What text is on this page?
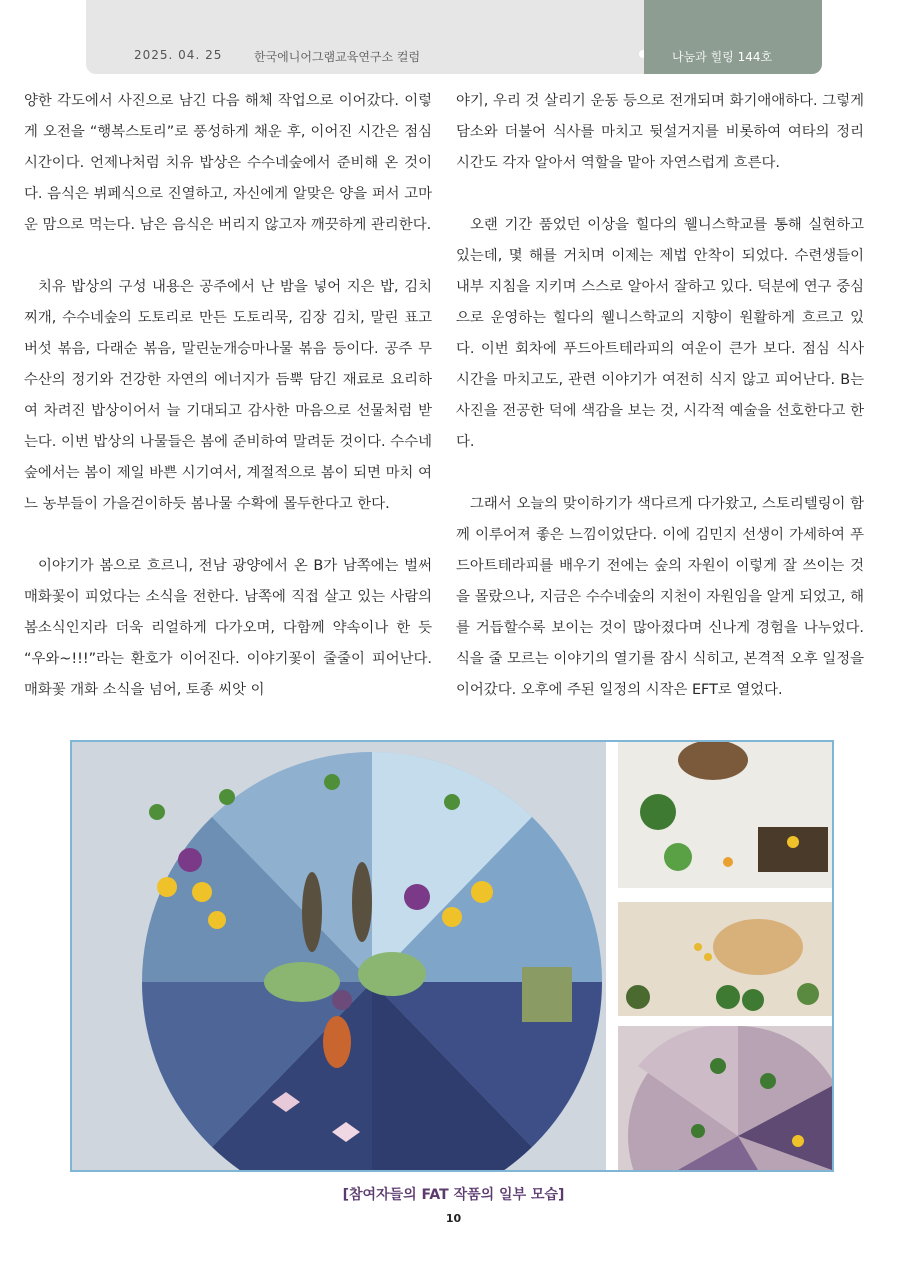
2025. 04. 25	한국에니어그램교육연구소 컬럼	나눔과 힐링 144호

양한 각도에서 사진으로 남긴 다음 해체 작업으로 이어갔다. 이렇게 오전을 “행복스토리”로 풍성하게 채운 후, 이어진 시간은 점심시간이다. 언제나처럼 치유 밥상은 수수네숲에서 준비해 온 것이다. 음식은 뷔페식으로 진열하고, 자신에게 알맞은 양을 퍼서 고마운 맘으로 먹는다. 남은 음식은 버리지 않고자 깨끗하게 관리한다.

치유 밥상의 구성 내용은 공주에서 난 밤을 넣어 지은 밥, 김치찌개, 수수네숲의 도토리로 만든 도토리묵, 김장 김치, 말린 표고버섯 볶음, 다래순 볶음, 말린눈개승마나물 볶음 등이다. 공주 무수산의 정기와 건강한 자연의 에너지가 듬뿍 담긴 재료로 요리하여 차려진 밥상이어서 늘 기대되고 감사한 마음으로 선물처럼 받는다. 이번 밥상의 나물들은 봄에 준비하여 말려둔 것이다. 수수네숲에서는 봄이 제일 바쁜 시기여서, 계절적으로 봄이 되면 마치 여느 농부들이 가을걷이하듯 봄나물 수확에 몰두한다고 한다.

이야기가 봄으로 흐르니, 전남 광양에서 온 B가 남쪽에는 벌써 매화꽃이 피었다는 소식을 전한다. 남쪽에 직접 살고 있는 사람의 봄소식인지라 더욱 리얼하게 다가오며, 다함께 약속이나 한 듯 “우와~!!!”라는 환호가 이어진다. 이야기꽃이 줄줄이 피어난다. 매화꽃 개화 소식을 넘어, 토종 씨앗 이

야기, 우리 것 살리기 운동 등으로 전개되며 화기애애하다. 그렇게 담소와 더불어 식사를 마치고 뒷설거지를 비롯하여 여타의 정리 시간도 각자 알아서 역할을 맡아 자연스럽게 흐른다.

오랜 기간 품었던 이상을 힐다의 웰니스학교를 통해 실현하고 있는데, 몇 해를 거치며 이제는 제법 안착이 되었다. 수련생들이 내부 지침을 지키며 스스로 알아서 잘하고 있다. 덕분에 연구 중심으로 운영하는 힐다의 웰니스학교의 지향이 원활하게 흐르고 있다. 이번 회차에 푸드아트테라피의 여운이 큰가 보다. 점심 식사 시간을 마치고도, 관련 이야기가 여전히 식지 않고 피어난다. B는 사진을 전공한 덕에 색감을 보는 것, 시각적 예술을 선호한다고 한다.

그래서 오늘의 맞이하기가 색다르게 다가왔고, 스토리텔링이 함께 이루어져 좋은 느낌이었단다. 이에 김민지 선생이 가세하여 푸드아트테라피를 배우기 전에는 숲의 자원이 이렇게 잘 쓰이는 것을 몰랐으나, 지금은 수수네숲의 지천이 자원임을 알게 되었고, 해를 거듭할수록 보이는 것이 많아졌다며 신나게 경험을 나누었다. 식을 줄 모르는 이야기의 열기를 잠시 식히고, 본격적 오후 일정을 이어갔다. 오후에 주된 일정의 시작은 EFT로 열었다.

[참여자들의 FAT 작품의 일부 모습]
10
